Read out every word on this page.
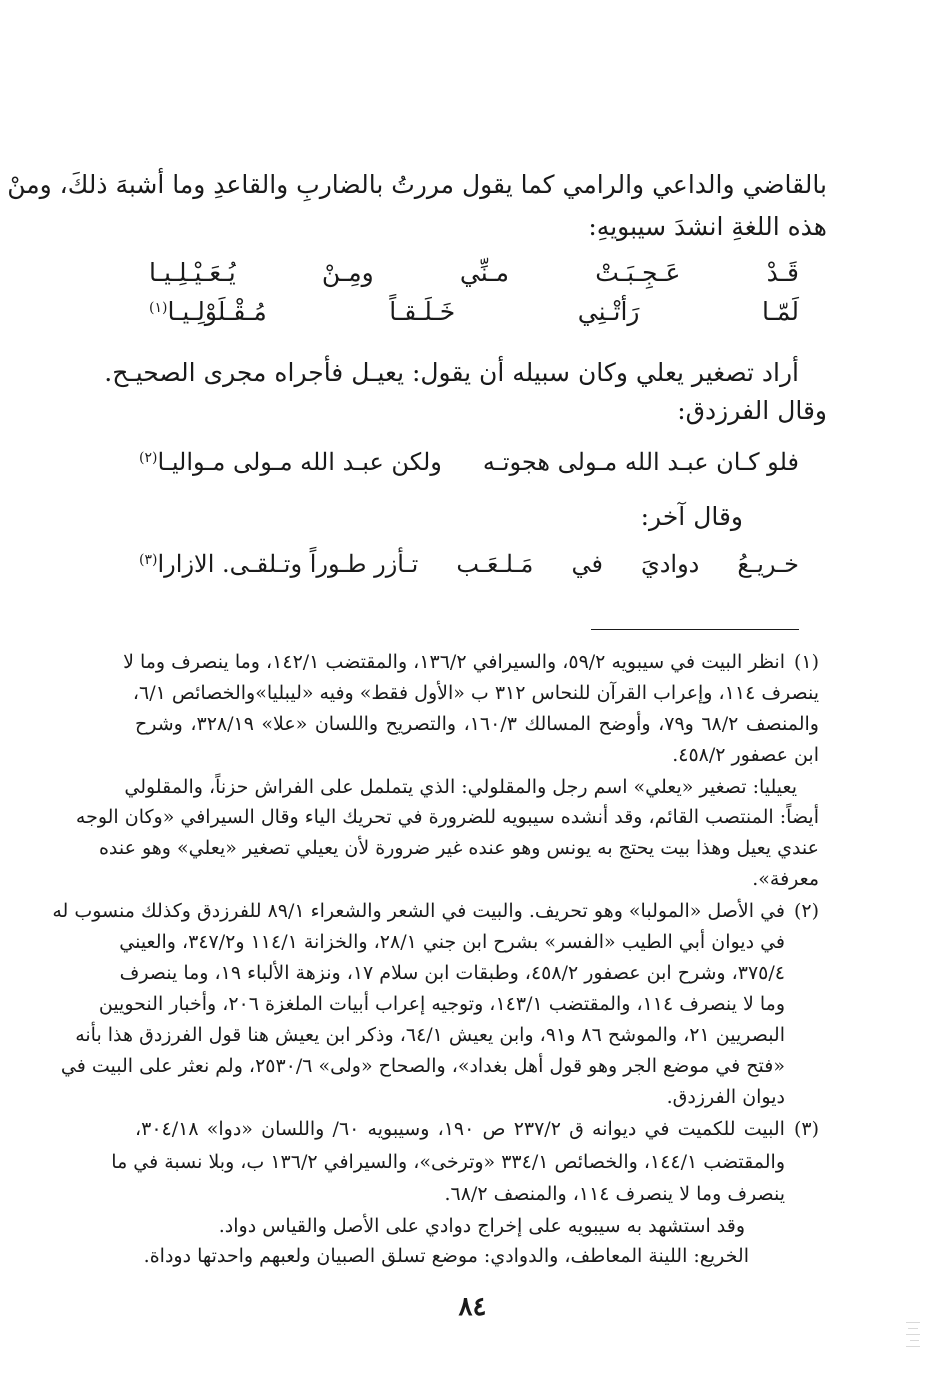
بالقاضي والداعي والرامي كما يقول مررتُ بالضاربِ والقاعدِ وما أشبهَ ذلكَ، ومنْ
هذه اللغةِ انشدَ سيبويهِ:
قَـدْ
عَـجِـبَـتْ
مـنِّي
ومِـنْ
يُـعَـيْـلِـيـا
لَمّـا
رَأتْـنِي
خَـلَـقـاً
مُـقْـلَوْلِـيـا$^{(١)}$
أراد تصغير يعلي وكان سبيله أن يقول: يعيـل فأجراه مجرى الصحيـح.
وقال الفرزدق:
فلو كـان عبـد الله مـولى هجوتـه
ولكن عبـد الله مـولى مـواليـا$^{(٢)}$
وقال آخر:
خـريـعُ
دواديَ
في
مَـلـعَـب
تـأزر طـوراً وتـلقـى. الازارا$^{(٣)}$
(١)
انظر البيت في سيبويه ٥٩/٢، والسيرافي ١٣٦/٢، والمقتضب ١٤٢/١، وما ينصرف وما لا
ينصرف ١١٤، وإعراب القرآن للنحاس ٣١٢ ب «الأول فقط» وفيه «ليبليا»والخصائص ٦/١،
والمنصف ٦٨/٢ و٧٩، وأوضح المسالك ١٦٠/٣، والتصريح واللسان «علا» ٣٢٨/١٩، وشرح
ابن عصفور ٤٥٨/٢.
يعيليا: تصغير «يعلي» اسم رجل والمقلولي: الذي يتململ على الفراش حزناً، والمقلولي
أيضاً: المنتصب القائم، وقد أنشده سيبويه للضرورة في تحريك الياء وقال السيرافي «وكان الوجه
عندي يعيل وهذا بيت يحتج به يونس وهو عنده غير ضرورة لأن يعيلي تصغير «يعلي» وهو عنده
معرفة».
(٢)
في الأصل «المولبا» وهو تحريف. والبيت في الشعر والشعراء ٨٩/١ للفرزدق وكذلك منسوب له
في ديوان أبي الطيب «الفسر» بشرح ابن جني ٢٨/١، والخزانة ١١٤/١ و٣٤٧/٢، والعيني
٣٧٥/٤، وشرح ابن عصفور ٤٥٨/٢، وطبقات ابن سلام ١٧، ونزهة الألباء ١٩، وما ينصرف
وما لا ينصرف ١١٤، والمقتضب ١٤٣/١، وتوجيه إعراب أبيات الملغزة ٢٠٦، وأخبار النحويين
البصريين ٢١، والموشح ٨٦ و٩١، وابن يعيش ٦٤/١، وذكر ابن يعيش هنا قول الفرزدق هذا بأنه
«فتح في موضع الجر وهو قول أهل بغداد»، والصحاح «ولى» ٢٥٣٠/٦، ولم نعثر على البيت في
ديوان الفرزدق.
(٣)
البيت للكميت في ديوانه ق ٢٣٧/٢ ص ١٩٠، وسيبويه ٦٠/ واللسان «دوا» ٣٠٤/١٨،
والمقتضب ١٤٤/١، والخصائص ٣٣٤/١ «وترخى»، والسيرافي ١٣٦/٢ ب، وبلا نسبة في ما
ينصرف وما لا ينصرف ١١٤، والمنصف ٦٨/٢.
وقد استشهد به سيبويه على إخراج دوادي على الأصل والقياس دواد.
الخريع: اللينة المعاطف، والدوادي: موضع تسلق الصبيان ولعبهم واحدتها دوداة.
٨٤
